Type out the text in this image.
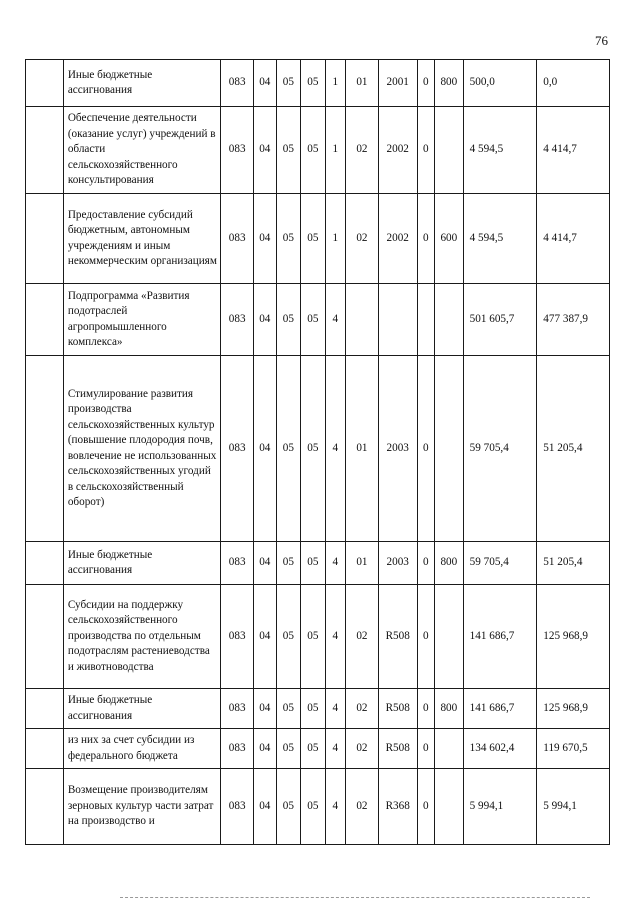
76
	Иные бюджетные ассигнования	083	04	05	05	1	01	2001	0	800	500,0	0,0
	Обеспечение деятельности (оказание услуг) учреждений в области сельскохозяйственного консультирования	083	04	05	05	1	02	2002	0		4 594,5	4 414,7
	Предоставление субсидий бюджетным, автономным учреждениям и иным некоммерческим организациям	083	04	05	05	1	02	2002	0	600	4 594,5	4 414,7
	Подпрограмма «Развития подотраслей агропромышленного комплекса»	083	04	05	05	4					501 605,7	477 387,9
	Стимулирование развития производства сельскохозяйственных культур (повышение плодородия почв, вовлечение не использованных сельскохозяйственных угодий в сельскохозяйственный оборот)	083	04	05	05	4	01	2003	0		59 705,4	51 205,4
	Иные бюджетные ассигнования	083	04	05	05	4	01	2003	0	800	59 705,4	51 205,4
	Субсидии на поддержку сельскохозяйственного производства по отдельным подотраслям растениеводства и животноводства	083	04	05	05	4	02	R508	0		141 686,7	125 968,9
	Иные бюджетные ассигнования	083	04	05	05	4	02	R508	0	800	141 686,7	125 968,9
	из них за счет субсидии из федерального бюджета	083	04	05	05	4	02	R508	0		134 602,4	119 670,5
	Возмещение производителям зерновых культур части затрат на производство и	083	04	05	05	4	02	R368	0		5 994,1	5 994,1
